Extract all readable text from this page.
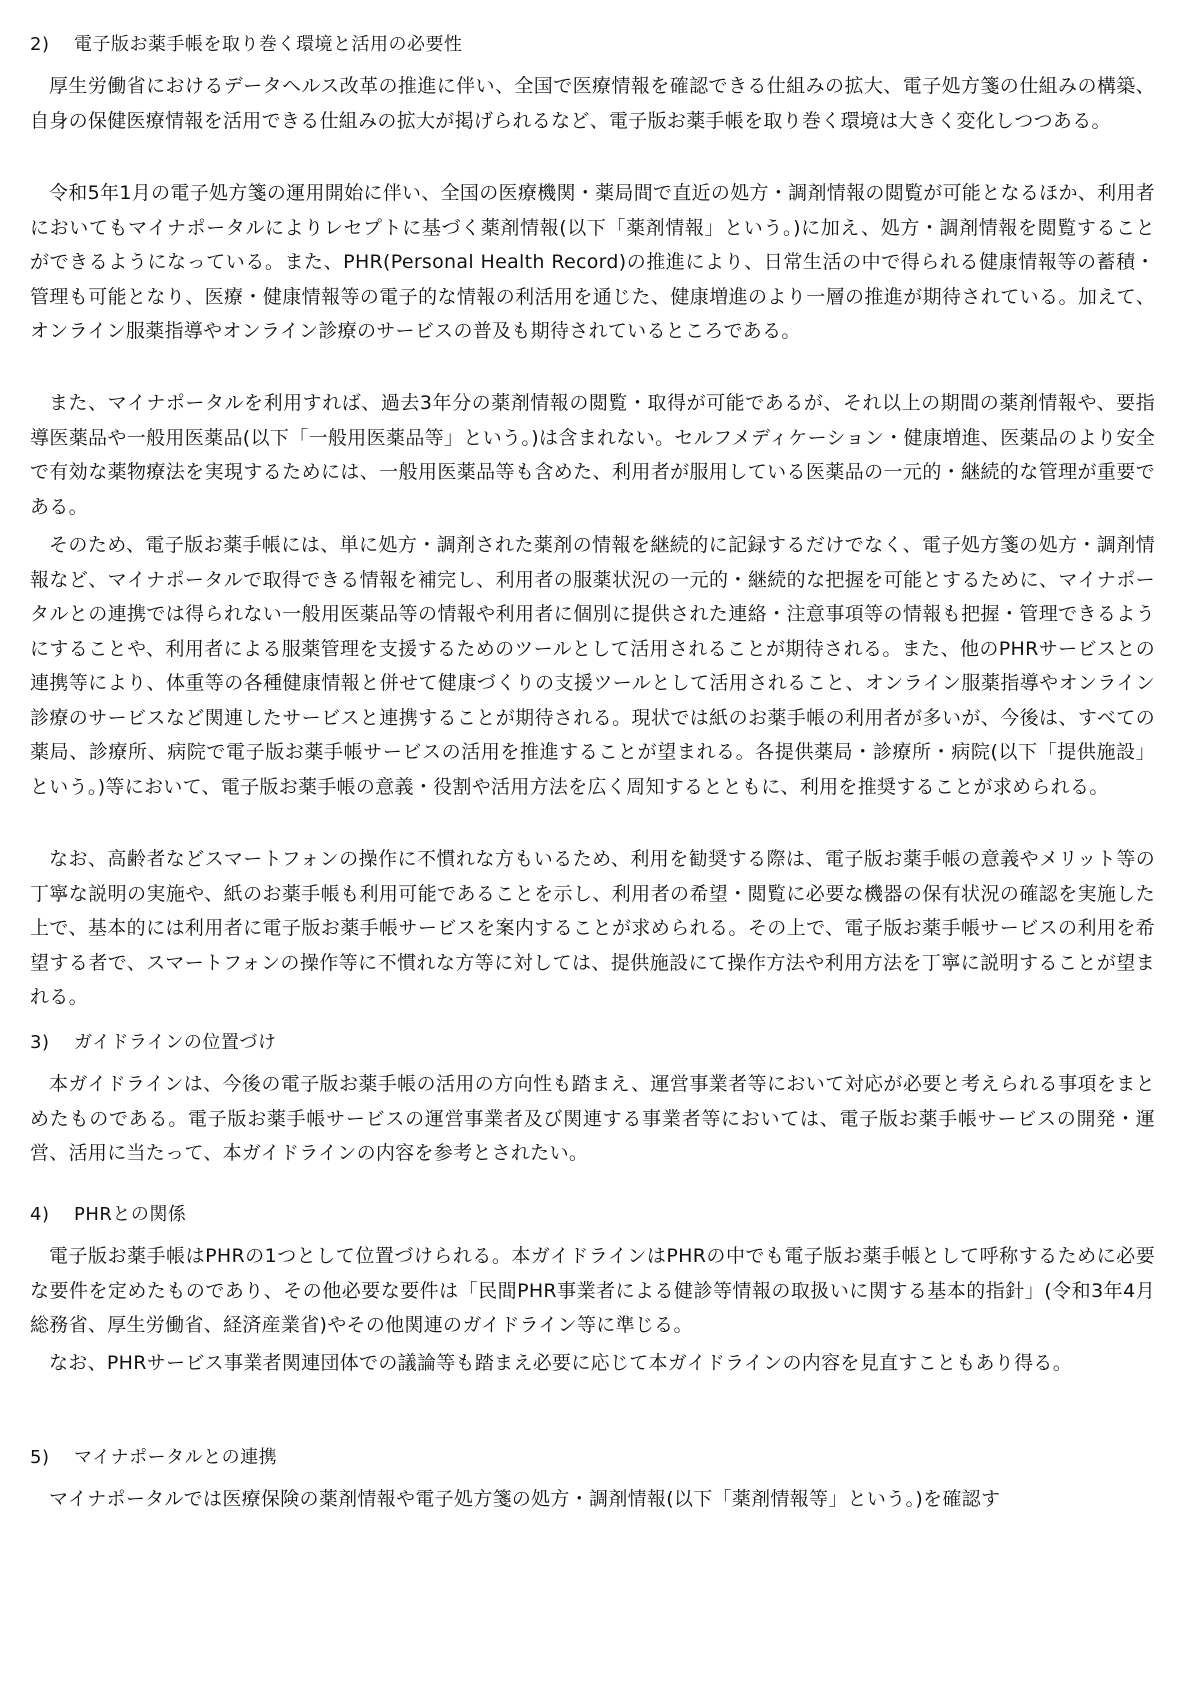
2) 電子版お薬手帳を取り巻く環境と活用の必要性

厚生労働省におけるデータヘルス改革の推進に伴い、全国で医療情報を確認できる仕組みの拡大、電子処方箋の仕組みの構築、自身の保健医療情報を活用できる仕組みの拡大が掲げられるなど、電子版お薬手帳を取り巻く環境は大きく変化しつつある。

令和5年1月の電子処方箋の運用開始に伴い、全国の医療機関・薬局間で直近の処方・調剤情報の閲覧が可能となるほか、利用者においてもマイナポータルによりレセプトに基づく薬剤情報(以下「薬剤情報」という。)に加え、処方・調剤情報を閲覧することができるようになっている。また、PHR(Personal Health Record)の推進により、日常生活の中で得られる健康情報等の蓄積・管理も可能となり、医療・健康情報等の電子的な情報の利活用を通じた、健康増進のより一層の推進が期待されている。加えて、オンライン服薬指導やオンライン診療のサービスの普及も期待されているところである。

また、マイナポータルを利用すれば、過去3年分の薬剤情報の閲覧・取得が可能であるが、それ以上の期間の薬剤情報や、要指導医薬品や一般用医薬品(以下「一般用医薬品等」という。)は含まれない。セルフメディケーション・健康増進、医薬品のより安全で有効な薬物療法を実現するためには、一般用医薬品等も含めた、利用者が服用している医薬品の一元的・継続的な管理が重要である。

そのため、電子版お薬手帳には、単に処方・調剤された薬剤の情報を継続的に記録するだけでなく、電子処方箋の処方・調剤情報など、マイナポータルで取得できる情報を補完し、利用者の服薬状況の一元的・継続的な把握を可能とするために、マイナポータルとの連携では得られない一般用医薬品等の情報や利用者に個別に提供された連絡・注意事項等の情報も把握・管理できるようにすることや、利用者による服薬管理を支援するためのツールとして活用されることが期待される。また、他のPHRサービスとの連携等により、体重等の各種健康情報と併せて健康づくりの支援ツールとして活用されること、オンライン服薬指導やオンライン診療のサービスなど関連したサービスと連携することが期待される。現状では紙のお薬手帳の利用者が多いが、今後は、すべての薬局、診療所、病院で電子版お薬手帳サービスの活用を推進することが望まれる。各提供薬局・診療所・病院(以下「提供施設」という。)等において、電子版お薬手帳の意義・役割や活用方法を広く周知するとともに、利用を推奨することが求められる。

なお、高齢者などスマートフォンの操作に不慣れな方もいるため、利用を勧奨する際は、電子版お薬手帳の意義やメリット等の丁寧な説明の実施や、紙のお薬手帳も利用可能であることを示し、利用者の希望・閲覧に必要な機器の保有状況の確認を実施した上で、基本的には利用者に電子版お薬手帳サービスを案内することが求められる。その上で、電子版お薬手帳サービスの利用を希望する者で、スマートフォンの操作等に不慣れな方等に対しては、提供施設にて操作方法や利用方法を丁寧に説明することが望まれる。

3) ガイドラインの位置づけ

本ガイドラインは、今後の電子版お薬手帳の活用の方向性も踏まえ、運営事業者等において対応が必要と考えられる事項をまとめたものである。電子版お薬手帳サービスの運営事業者及び関連する事業者等においては、電子版お薬手帳サービスの開発・運営、活用に当たって、本ガイドラインの内容を参考とされたい。

4) PHRとの関係

電子版お薬手帳はPHRの1つとして位置づけられる。本ガイドラインはPHRの中でも電子版お薬手帳として呼称するために必要な要件を定めたものであり、その他必要な要件は「民間PHR事業者による健診等情報の取扱いに関する基本的指針」(令和3年4月総務省、厚生労働省、経済産業省)やその他関連のガイドライン等に準じる。

なお、PHRサービス事業者関連団体での議論等も踏まえ必要に応じて本ガイドラインの内容を見直すこともあり得る。

5) マイナポータルとの連携

マイナポータルでは医療保険の薬剤情報や電子処方箋の処方・調剤情報(以下「薬剤情報等」という。)を確認す
